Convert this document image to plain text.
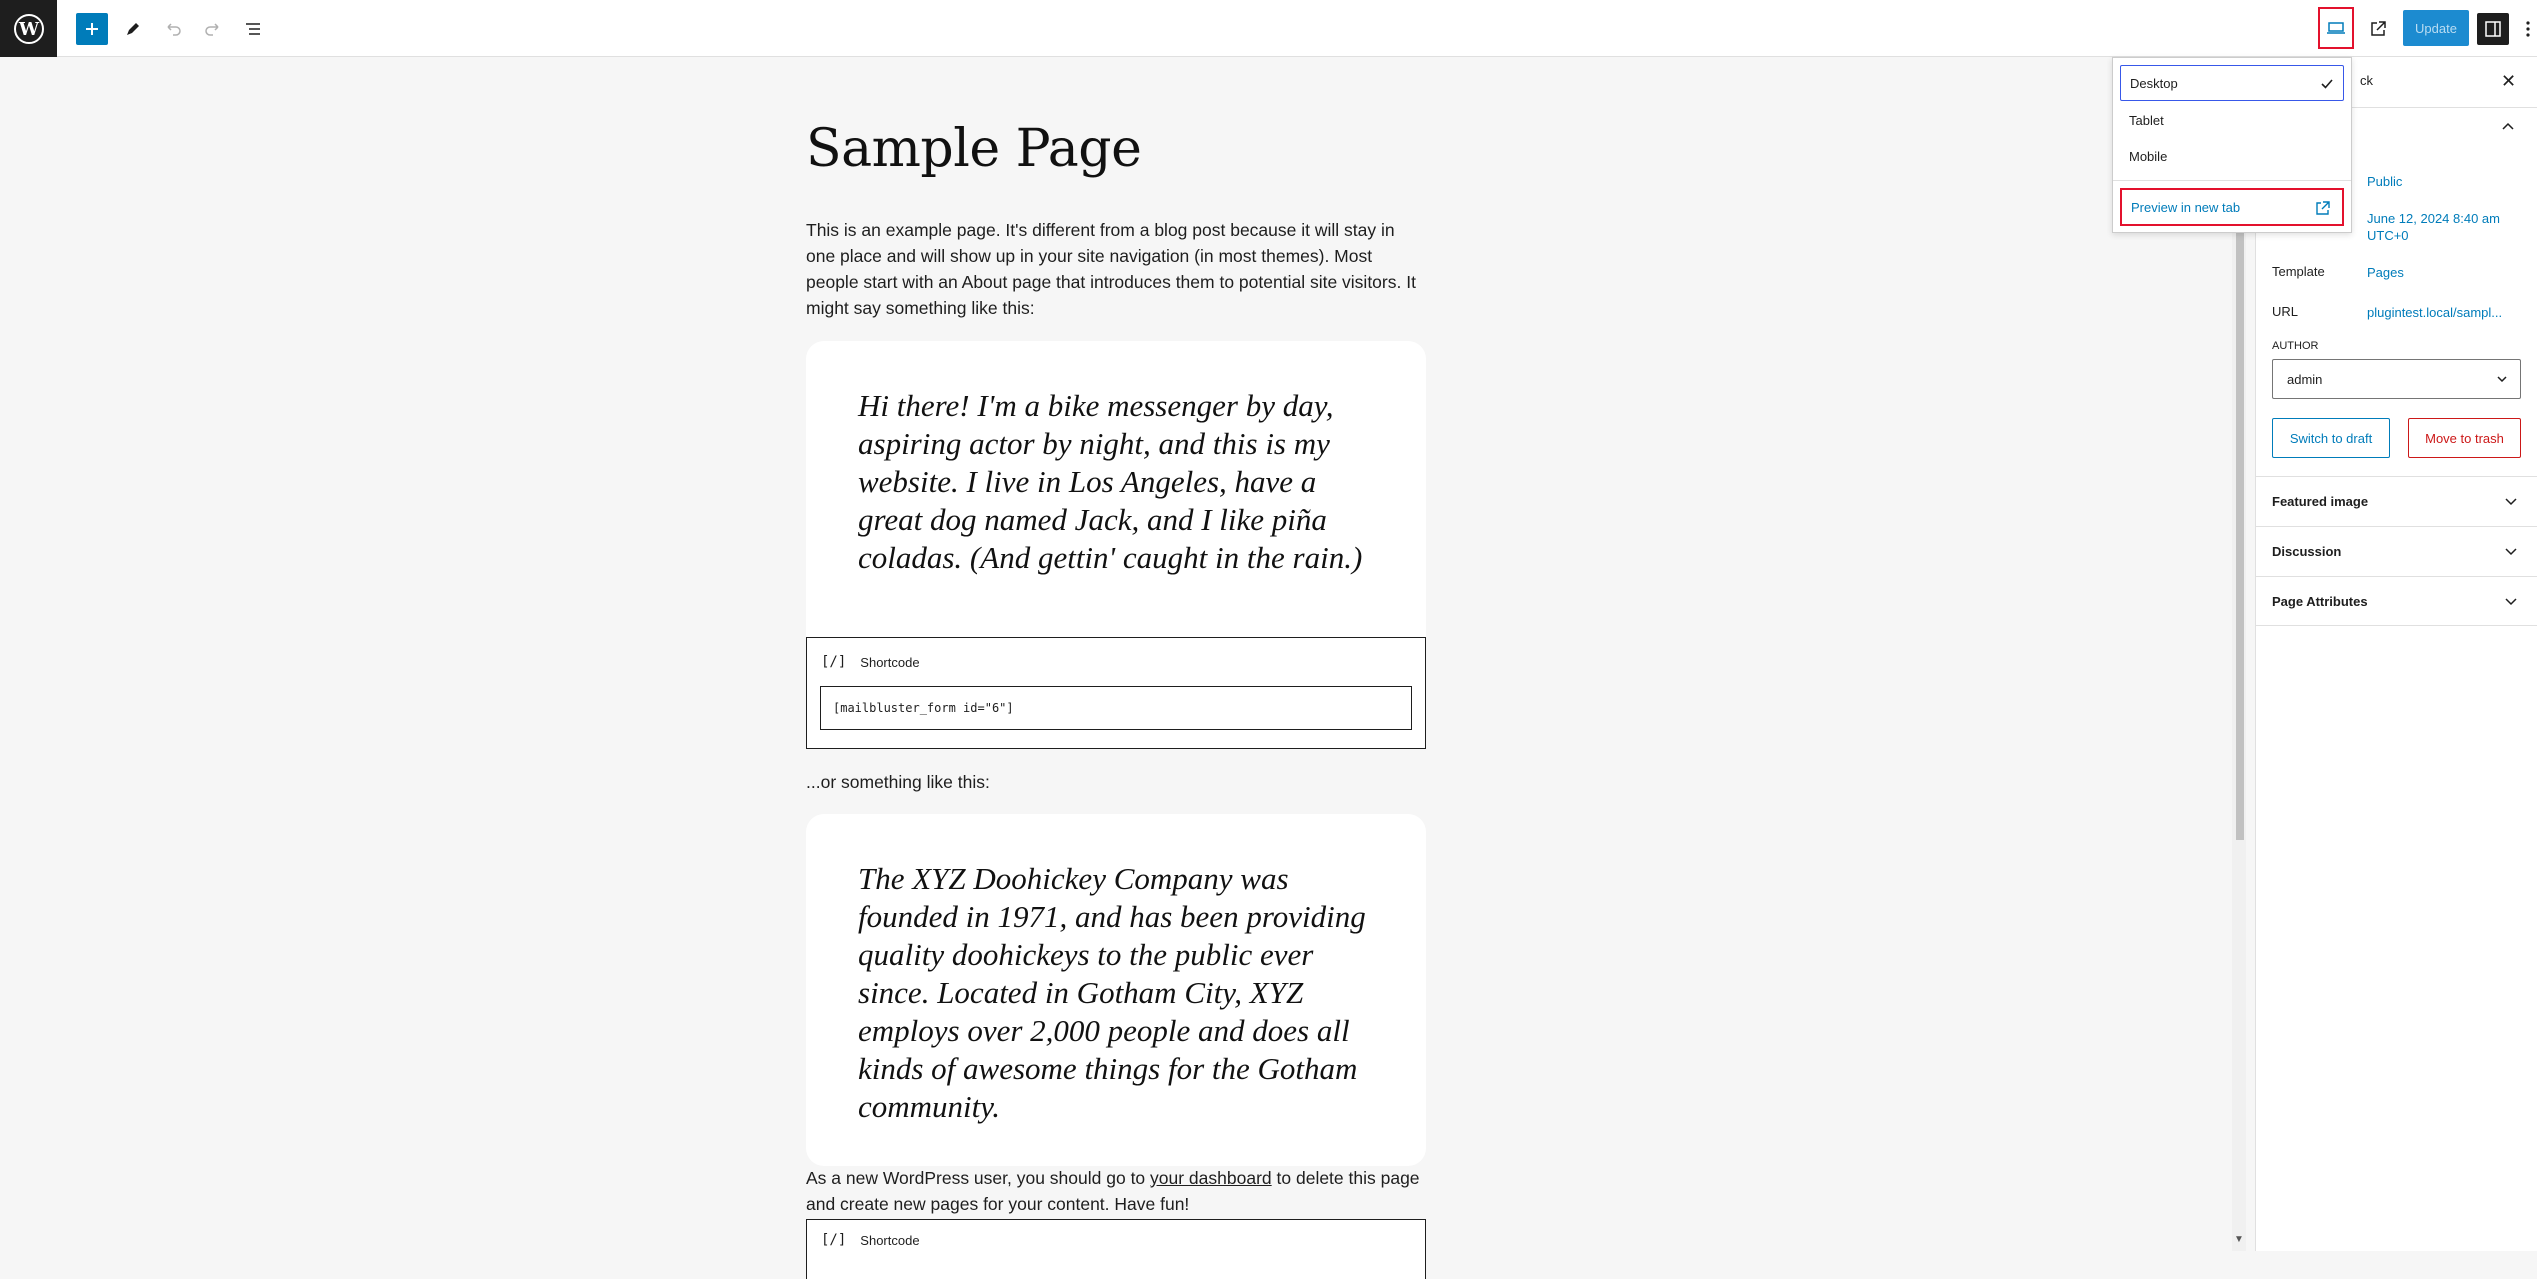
W	Update
Sample Page

This is an example page. It's different from a blog post because it will stay in one place and will show up in your site navigation (in most themes). Most people start with an About page that introduces them to potential site visitors. It might say something like this:

Hi there! I'm a bike messenger by day, aspiring actor by night, and this is my website. I live in Los Angeles, have a great dog named Jack, and I like piña coladas. (And gettin' caught in the rain.)

[/] Shortcode
[mailbluster_form id="6"]

...or something like this:

The XYZ Doohickey Company was founded in 1971, and has been providing quality doohickeys to the public ever since. Located in Gotham City, XYZ employs over 2,000 people and does all kinds of awesome things for the Gotham community.

As a new WordPress user, you should go to your dashboard to delete this page and create new pages for your content. Have fun!

[/] Shortcode	▼
ck	✕
Public
June 12, 2024 8:40 am UTC+0
Template	Pages
URL	plugintest.local/sampl...
AUTHOR
admin
Switch to draft	Move to trash
Featured image
Discussion
Page Attributes
Desktop
Tablet
Mobile
Preview in new tab
